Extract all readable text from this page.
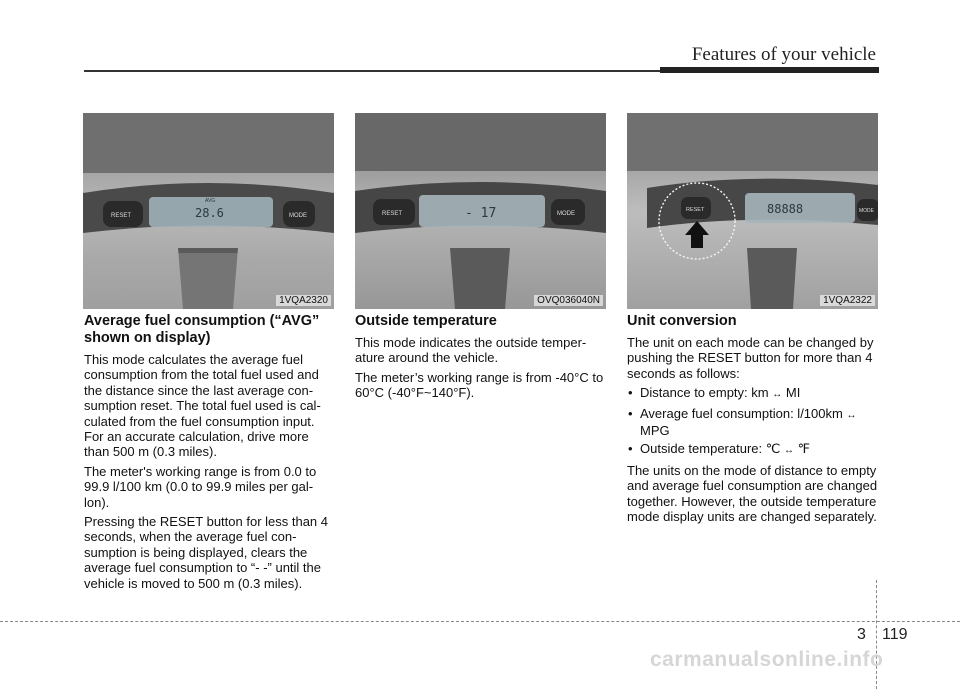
Features of your vehicle
RESET	MODE
AVG
28.6
1VQA2320
RESET	MODE
- 17
OVQ036040N
RESET	MODE
88888
1VQA2322
Average fuel consumption (“AVG” shown on display)

This mode calculates the average fuel consumption from the total fuel used and the distance since the last average con- sumption reset. The total fuel used is cal- culated from the fuel consumption input. For an accurate calculation, drive more than 500 m (0.3 miles).

The meter's working range is from 0.0 to 99.9 l/100 km (0.0 to 99.9 miles per gal- lon).

Pressing the RESET button for less than 4 seconds, when the average fuel con- sumption is being displayed, clears the average fuel consumption to “- -” until the vehicle is moved to 500 m (0.3 miles).

Outside temperature

This mode indicates the outside temper- ature around the vehicle.

The meter’s working range is from -40°C to 60°C (-40°F~140°F).

Unit conversion

The unit on each mode can be changed by pushing the RESET button for more than 4 seconds as follows:

• Distance to empty: km ↔ MI
• Average fuel consumption: l/100km ↔ MPG
• Outside temperature: ℃ ↔ ℉

The units on the mode of distance to empty and average fuel consumption are changed together. However, the outside temperature mode display units are changed separately.

3 119
carmanualsonline.info
